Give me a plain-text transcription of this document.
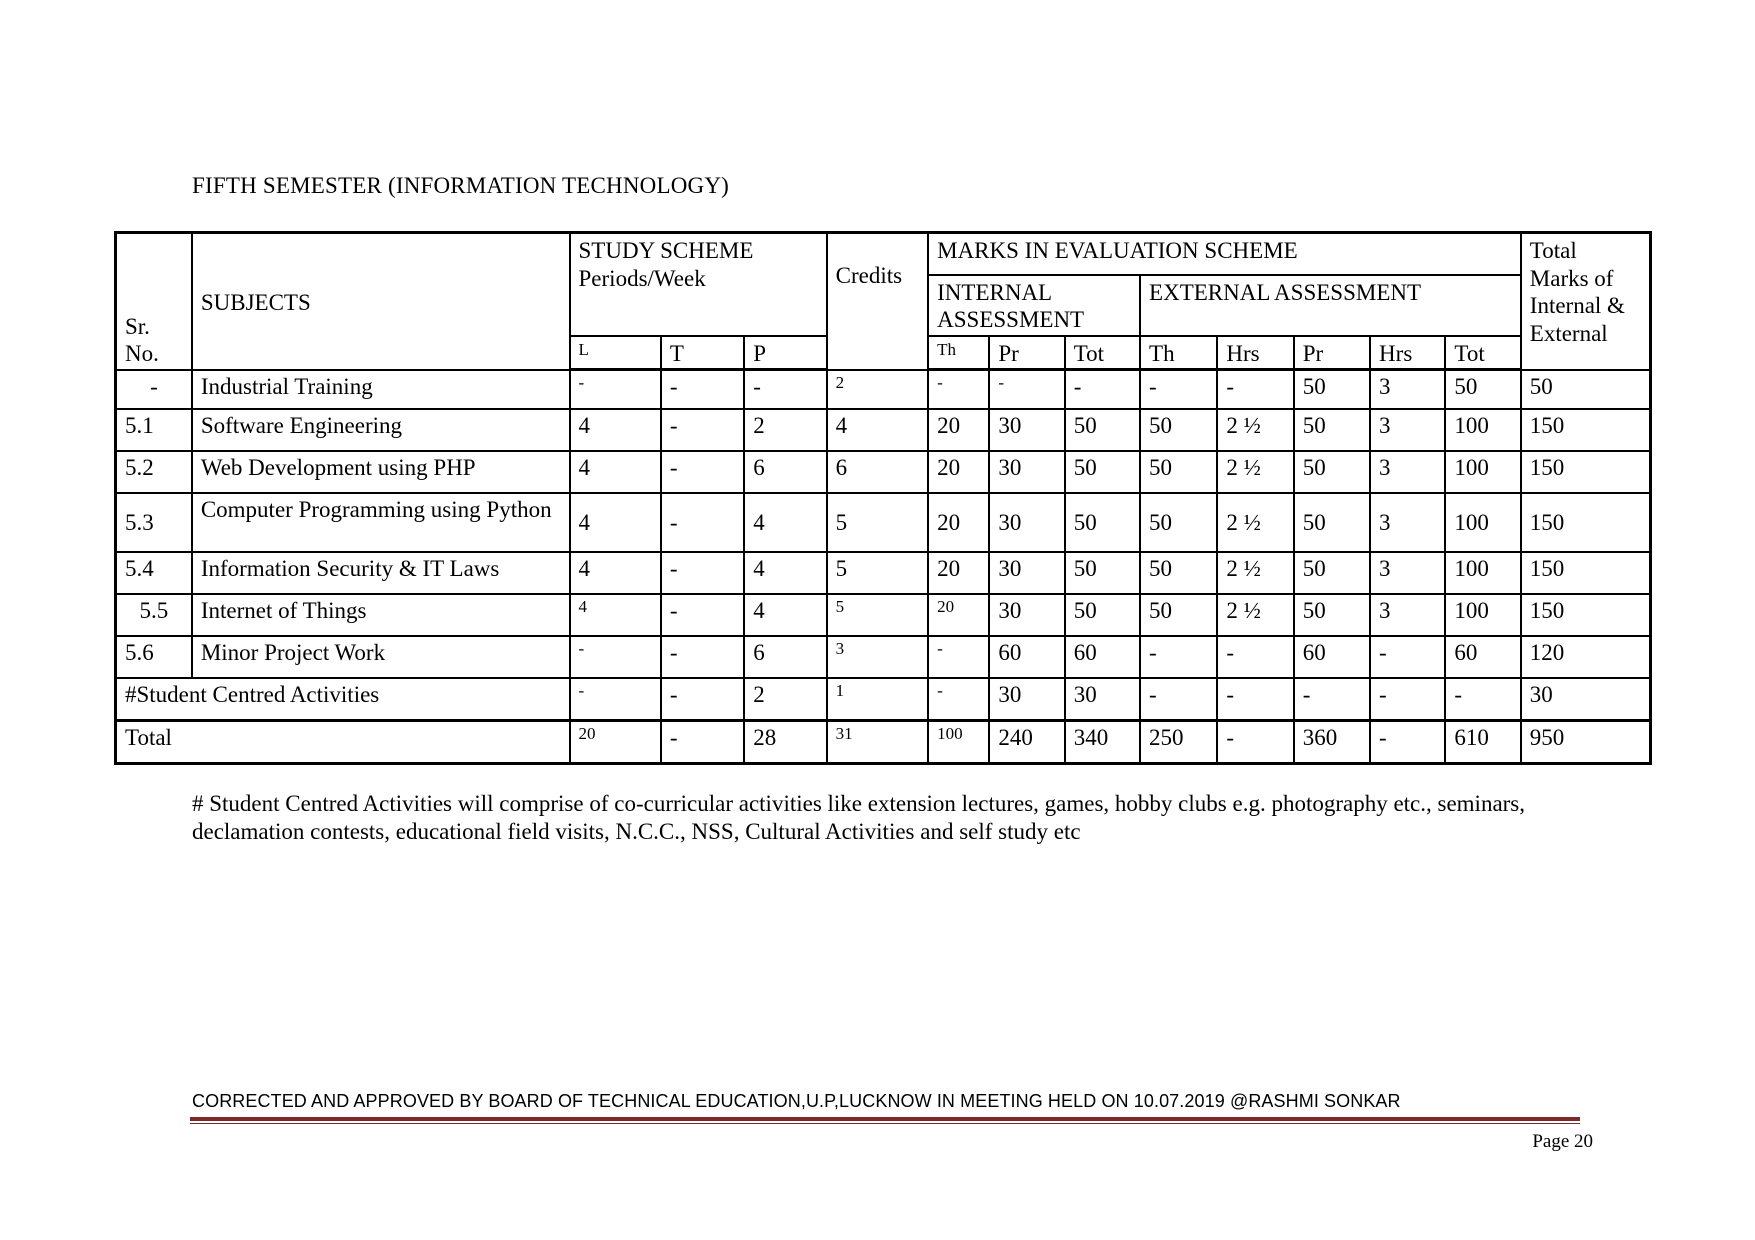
FIFTH SEMESTER (INFORMATION TECHNOLOGY)
Sr. No.	SUBJECTS	STUDY SCHEME Periods/Week			Credits	MARKS IN EVALUATION SCHEME								Total Marks of Internal & External
						INTERNAL ASSESSMENT			EXTERNAL ASSESSMENT					
		L	T	P		Th	Pr	Tot	Th	Hrs	Pr	Hrs	Tot	
-	Industrial Training	-	-	-	2	-	-	-	-	-	50	3	50	50
5.1	Software Engineering	4	-	2	4	20	30	50	50	2 ½	50	3	100	150
5.2	Web Development using PHP	4	-	6	6	20	30	50	50	2 ½	50	3	100	150
5.3	Computer Programming using Python	4	-	4	5	20	30	50	50	2 ½	50	3	100	150
5.4	Information Security & IT Laws	4	-	4	5	20	30	50	50	2 ½	50	3	100	150
5.5	Internet of Things	4	-	4	5	20	30	50	50	2 ½	50	3	100	150
5.6	Minor Project Work	-	-	6	3	-	60	60	-	-	60	-	60	120
#Student Centred Activities		-	-	2	1	-	30	30	-	-	-	-	-	30
Total		20	-	28	31	100	240	340	250	-	360	-	610	950
# Student Centred Activities will comprise of co-curricular activities like extension lectures, games, hobby clubs e.g. photography etc., seminars, declamation contests, educational field visits, N.C.C., NSS, Cultural Activities and self study etc
CORRECTED AND APPROVED BY BOARD OF TECHNICAL EDUCATION,U.P,LUCKNOW IN MEETING HELD ON 10.07.2019 @RASHMI SONKAR
Page 20
